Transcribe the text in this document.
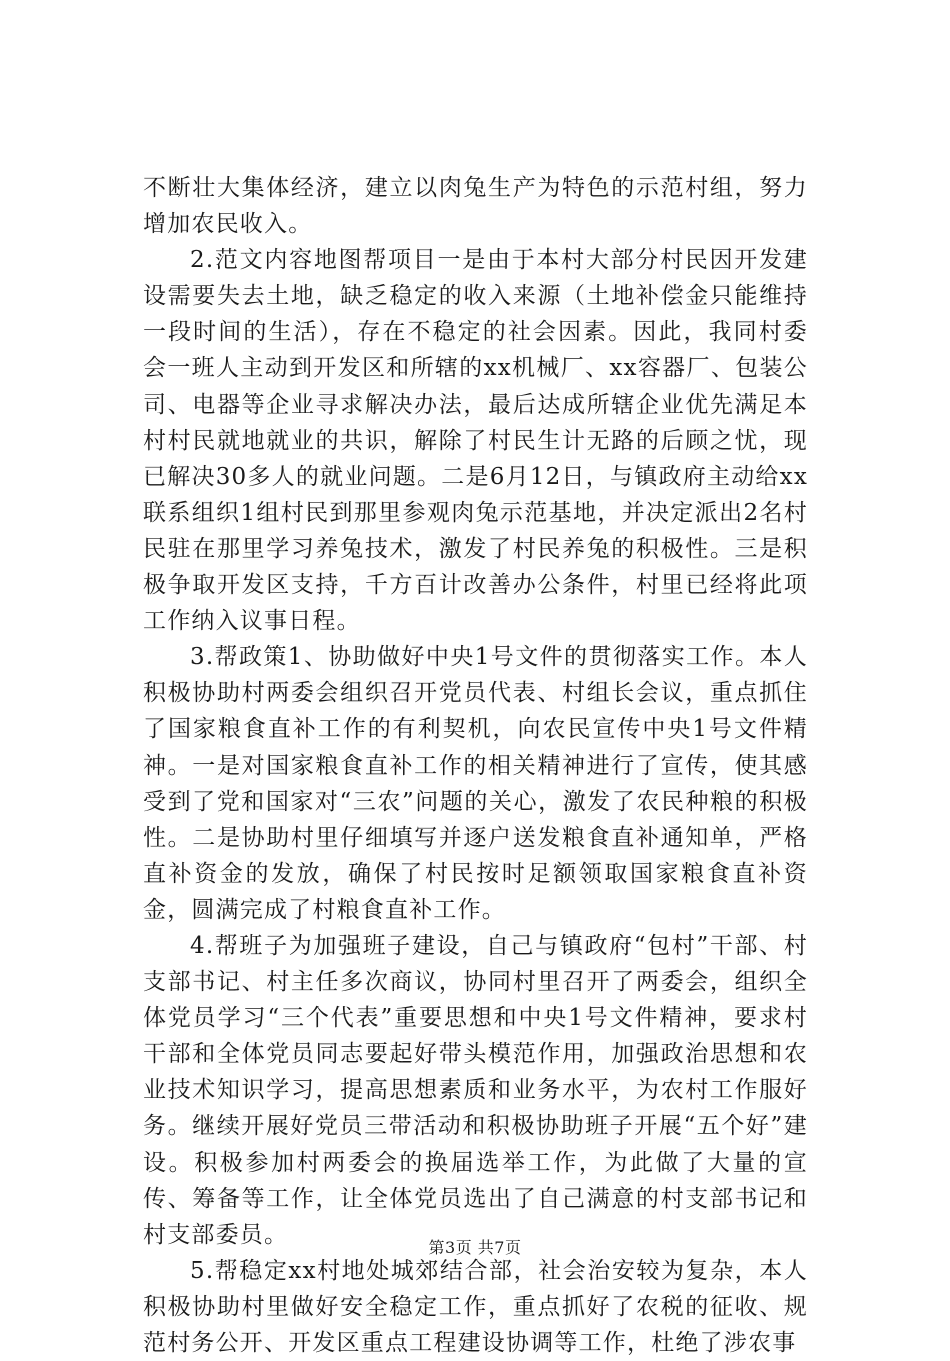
不断壮大集体经济，建立以肉兔生产为特色的示范村组，努力增加农民收入。

2.范文内容地图帮项目一是由于本村大部分村民因开发建设需要失去土地，缺乏稳定的收入来源（土地补偿金只能维持一段时间的生活），存在不稳定的社会因素。因此，我同村委会一班人主动到开发区和所辖的xx机械厂、xx容器厂、包装公司、电器等企业寻求解决办法，最后达成所辖企业优先满足本村村民就地就业的共识，解除了村民生计无路的后顾之忧，现已解决30多人的就业问题。二是6月12日，与镇政府主动给xx联系组织1组村民到那里参观肉兔示范基地，并决定派出2名村民驻在那里学习养兔技术，激发了村民养兔的积极性。三是积极争取开发区支持，千方百计改善办公条件，村里已经将此项工作纳入议事日程。

3.帮政策1、协助做好中央1号文件的贯彻落实工作。本人积极协助村两委会组织召开党员代表、村组长会议，重点抓住了国家粮食直补工作的有利契机，向农民宣传中央1号文件精神。一是对国家粮食直补工作的相关精神进行了宣传，使其感受到了党和国家对“三农”问题的关心，激发了农民种粮的积极性。二是协助村里仔细填写并逐户送发粮食直补通知单，严格直补资金的发放，确保了村民按时足额领取国家粮食直补资金，圆满完成了村粮食直补工作。

4.帮班子为加强班子建设，自己与镇政府“包村”干部、村支部书记、村主任多次商议，协同村里召开了两委会，组织全体党员学习“三个代表”重要思想和中央1号文件精神，要求村干部和全体党员同志要起好带头模范作用，加强政治思想和农业技术知识学习，提高思想素质和业务水平，为农村工作服好务。继续开展好党员三带活动和积极协助班子开展“五个好”建设。积极参加村两委会的换届选举工作，为此做了大量的宣传、筹备等工作，让全体党员选出了自己满意的村支部书记和村支部委员。

5.帮稳定xx村地处城郊结合部，社会治安较为复杂，本人积极协助村里做好安全稳定工作，重点抓好了农税的征收、规范村务公开、开发区重点工程建设协调等工作，杜绝了涉农事

第3页 共7页
